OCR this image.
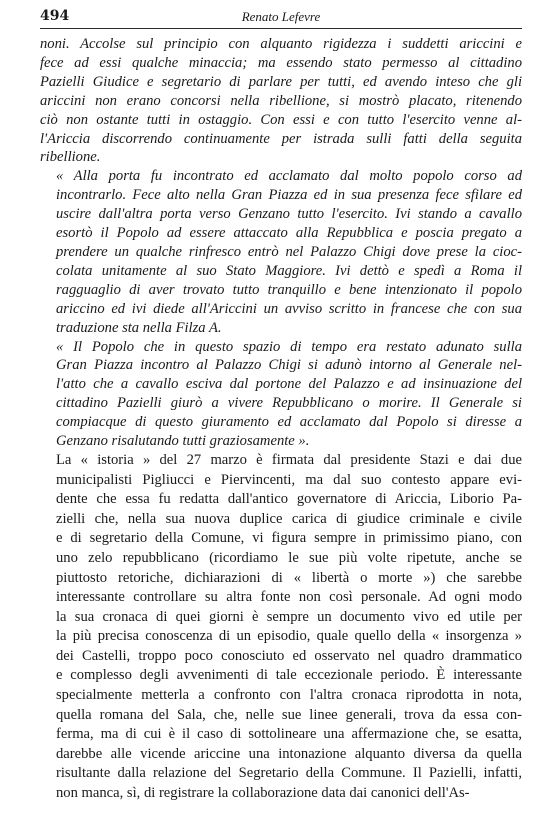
494	Renato Lefevre

noni. Accolse sul principio con alquanto rigidezza i suddetti ariccini e
fece ad essi qualche minaccia; ma essendo stato permesso al cittadino
Pazielli Giudice e segretario di parlare per tutti, ed avendo inteso che gli
ariccini non erano concorsi nella ribellione, si mostrò placato, ritenendo
ciò non ostante tutti in ostaggio. Con essi e con tutto l'esercito venne al-
l'Ariccia discorrendo continuamente per istrada sulli fatti della seguita
ribellione.

« Alla porta fu incontrato ed acclamato dal molto popolo corso ad
incontrarlo. Fece alto nella Gran Piazza ed in sua presenza fece sfilare ed
uscire dall'altra porta verso Genzano tutto l'esercito. Ivi stando a cavallo
esortò il Popolo ad essere attaccato alla Repubblica e poscia pregato a
prendere un qualche rinfresco entrò nel Palazzo Chigi dove prese la cioc-
colata unitamente al suo Stato Maggiore. Ivi dettò e spedì a Roma il
ragguaglio di aver trovato tutto tranquillo e bene intenzionato il popolo
ariccino ed ivi diede all'Ariccini un avviso scritto in francese che con sua
traduzione sta nella Filza A.

« Il Popolo che in questo spazio di tempo era restato adunato sulla
Gran Piazza incontro al Palazzo Chigi si adunò intorno al Generale nel-
l'atto che a cavallo esciva dal portone del Palazzo e ad insinuazione del
cittadino Pazielli giurò a vivere Repubblicano o morire. Il Generale si
compiacque di questo giuramento ed acclamato dal Popolo si diresse a
Genzano risalutando tutti graziosamente ».

La « istoria » del 27 marzo è firmata dal presidente Stazi e dai due
municipalisti Pigliucci e Piervincenti, ma dal suo contesto appare evi-
dente che essa fu redatta dall'antico governatore di Ariccia, Liborio Pa-
zielli che, nella sua nuova duplice carica di giudice criminale e civile
e di segretario della Comune, vi figura sempre in primissimo piano, con
uno zelo repubblicano (ricordiamo le sue più volte ripetute, anche se
piuttosto retoriche, dichiarazioni di « libertà o morte ») che sarebbe
interessante controllare su altra fonte non così personale. Ad ogni modo
la sua cronaca di quei giorni è sempre un documento vivo ed utile per
la più precisa conoscenza di un episodio, quale quello della « insorgenza »
dei Castelli, troppo poco conosciuto ed osservato nel quadro drammatico
e complesso degli avvenimenti di tale eccezionale periodo. È interessante
specialmente metterla a confronto con l'altra cronaca riprodotta in nota,
quella romana del Sala, che, nelle sue linee generali, trova da essa con-
ferma, ma di cui è il caso di sottolineare una affermazione che, se esatta,
darebbe alle vicende ariccine una intonazione alquanto diversa da quella
risultante dalla relazione del Segretario della Commune. Il Pazielli, infatti,
non manca, sì, di registrare la collaborazione data dai canonici dell'As-
